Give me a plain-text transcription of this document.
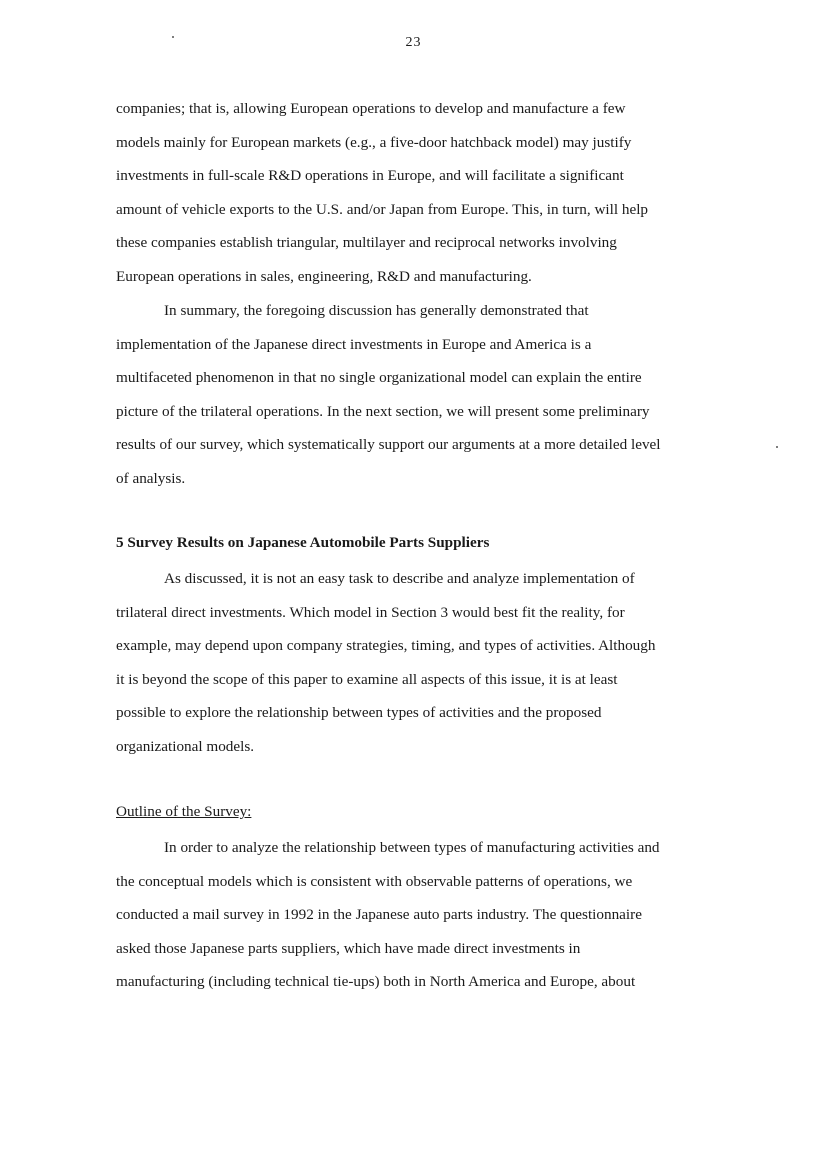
23
companies; that is, allowing European operations to develop and manufacture a few
models mainly for European markets (e.g., a five-door hatchback model) may justify
investments in full-scale R&D operations in Europe, and will facilitate a significant
amount of vehicle exports to the U.S. and/or Japan from Europe. This, in turn, will help
these companies establish triangular, multilayer and reciprocal networks involving
European operations in sales, engineering, R&D and manufacturing.
In summary, the foregoing discussion has generally demonstrated that
implementation of the Japanese direct investments in Europe and America is a
multifaceted phenomenon in that no single organizational model can explain the entire
picture of the trilateral operations. In the next section, we will present some preliminary
results of our survey, which systematically support our arguments at a more detailed level
of analysis.
5 Survey Results on Japanese Automobile Parts Suppliers
As discussed, it is not an easy task to describe and analyze implementation of
trilateral direct investments. Which model in Section 3 would best fit the reality, for
example, may depend upon company strategies, timing, and types of activities. Although
it is beyond the scope of this paper to examine all aspects of this issue, it is at least
possible to explore the relationship between types of activities and the proposed
organizational models.
Outline of the Survey:
In order to analyze the relationship between types of manufacturing activities and
the conceptual models which is consistent with observable patterns of operations, we
conducted a mail survey in 1992 in the Japanese auto parts industry. The questionnaire
asked those Japanese parts suppliers, which have made direct investments in
manufacturing (including technical tie-ups) both in North America and Europe, about
